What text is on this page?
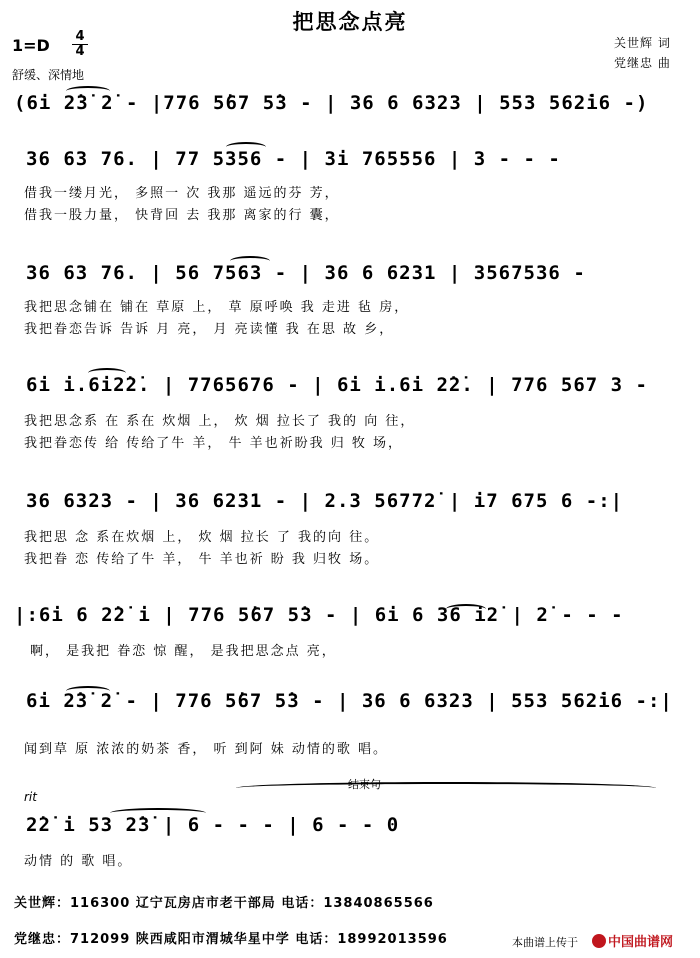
把思念点亮
关世辉 词
党继忠 曲
1=D 4
4
舒缓、深情地
(6i 2̇3̇ 2̇ - |776 5̇67 5̇3 - | 36 6 6323 | 553 562̇i6 -)
36 63 76. | 77 5356 - | 3i 765556 | 3 - - -
借我一缕月光， 多照一 次 我那 遥远的芬 芳，
借我一股力量， 快背回 去 我那 离家的行 囊，
36 63 76. | 56 7563 - | 36 6 6231 | 3567536 -
我把思念铺在 铺在 草原 上， 草 原呼唤 我 走进 毡 房，
我把眷恋告诉 告诉 月 亮， 月 亮读懂 我 在思 故 乡，
6i i.6i2̇2̇. | 7765676 - | 6i i.6i 2̇2̇. | 776 567 3 -
我把思念系 在 系在 炊烟 上， 炊 烟 拉长了 我的 向 往，
我把眷恋传 给 传给了牛 羊， 牛 羊也祈盼我 归 牧 场，
36 6323 - | 36 6231 - | 2.3 56772̇ | i7 675 6 -:|
我把思 念 系在炊烟 上， 炊 烟 拉长 了 我的向 往。
我把眷 恋 传给了牛 羊， 牛 羊也祈 盼 我 归牧 场。
|:6i 6 2̇2̇ i | 776 5̇67 5̇3 - | 6i 6 36 i2̇ | 2̇ - - -
啊， 是我把 眷恋 惊 醒， 是我把思念点 亮，
6i 2̇3̇ 2̇ - | 776 5̇67 5̇3 - | 36 6 6323 | 553 562̇i6 -:|
闻到草 原 浓浓的奶茶 香， 听 到阿 妹 动情的歌 唱。
rit
结束句
2̇2̇ i 53 2̇3̇ | 6 - - - | 6 - - 0
动情 的 歌 唱。
关世辉：116300 辽宁瓦房店市老干部局 电话：13840865566
党继忠：712099 陕西咸阳市渭城华星中学 电话：18992013596	本曲谱上传于	中国曲谱网
